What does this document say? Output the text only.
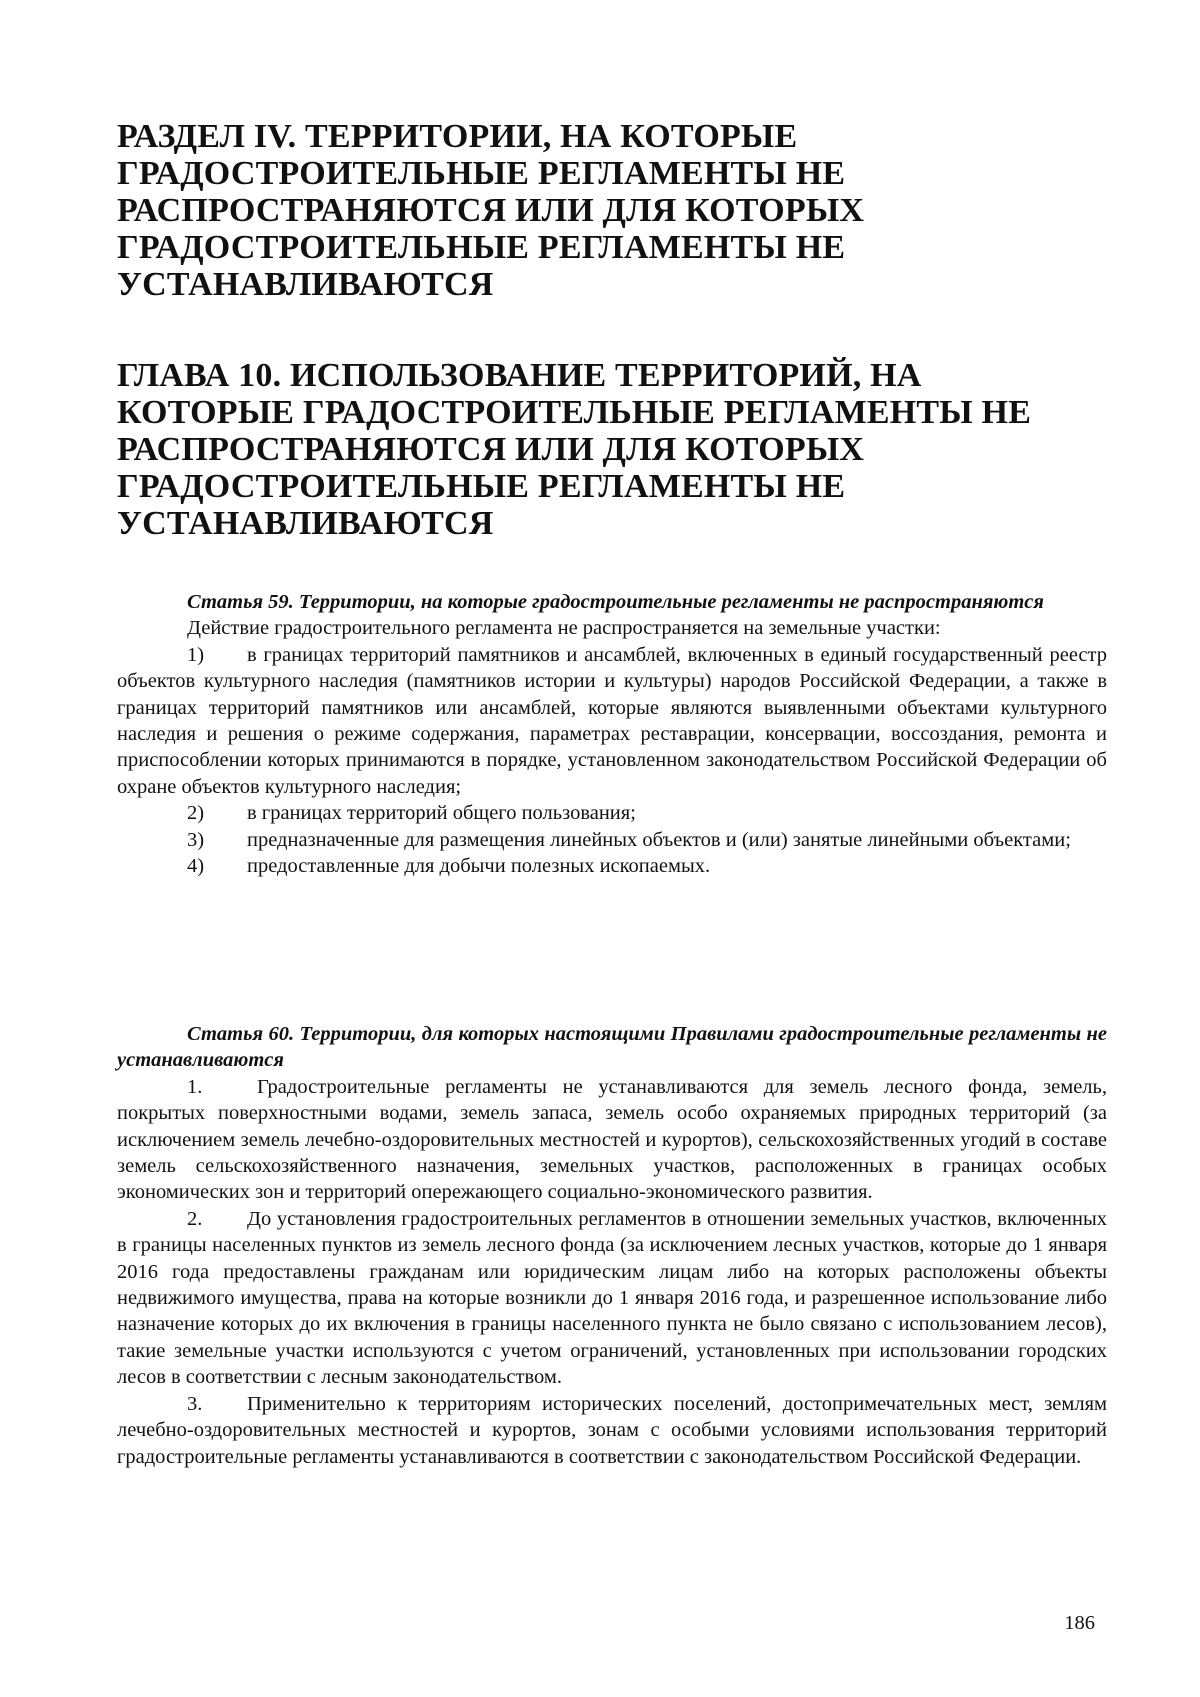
РАЗДЕЛ IV. ТЕРРИТОРИИ, НА КОТОРЫЕ ГРАДОСТРОИТЕЛЬНЫЕ РЕГЛАМЕНТЫ НЕ РАСПРОСТРАНЯЮТСЯ ИЛИ ДЛЯ КОТОРЫХ ГРАДОСТРОИТЕЛЬНЫЕ РЕГЛАМЕНТЫ НЕ УСТАНАВЛИВАЮТСЯ
ГЛАВА 10. ИСПОЛЬЗОВАНИЕ ТЕРРИТОРИЙ, НА КОТОРЫЕ ГРАДОСТРОИТЕЛЬНЫЕ РЕГЛАМЕНТЫ НЕ РАСПРОСТРАНЯЮТСЯ ИЛИ ДЛЯ КОТОРЫХ ГРАДОСТРОИТЕЛЬНЫЕ РЕГЛАМЕНТЫ НЕ УСТАНАВЛИВАЮТСЯ

Статья 59. Территории, на которые градостроительные регламенты не распространяются

Действие градостроительного регламента не распространяется на земельные участки:

1) в границах территорий памятников и ансамблей, включенных в единый государственный реестр объектов культурного наследия (памятников истории и культуры) народов Российской Федерации, а также в границах территорий памятников или ансамблей, которые являются выявленными объектами культурного наследия и решения о режиме содержания, параметрах реставрации, консервации, воссоздания, ремонта и приспособлении которых принимаются в порядке, установленном законодательством Российской Федерации об охране объектов культурного наследия;

2) в границах территорий общего пользования;

3) предназначенные для размещения линейных объектов и (или) занятые линейными объектами;

4) предоставленные для добычи полезных ископаемых.

Статья 60. Территории, для которых настоящими Правилами градостроительные регламенты не устанавливаются

1.	Градостроительные регламенты не устанавливаются для земель лесного фонда, земель, покрытых поверхностными водами, земель запаса, земель особо охраняемых природных территорий (за исключением земель лечебно-оздоровительных местностей и курортов), сельскохозяйственных угодий в составе земель сельскохозяйственного назначения, земельных участков, расположенных в границах особых экономических зон и территорий опережающего социально-экономического развития.

2. До установления градостроительных регламентов в отношении земельных участков, включенных в границы населенных пунктов из земель лесного фонда (за исключением лесных участков, которые до 1 января 2016 года предоставлены гражданам или юридическим лицам либо на которых расположены объекты недвижимого имущества, права на которые возникли до 1 января 2016 года, и разрешенное использование либо назначение которых до их включения в границы населенного пункта не было связано с использованием лесов), такие земельные участки используются с учетом ограничений, установленных при использовании городских лесов в соответствии с лесным законодательством.

3. Применительно к территориям исторических поселений, достопримечательных мест, землям лечебно-оздоровительных местностей и курортов, зонам с особыми условиями использования территорий градостроительные регламенты устанавливаются в соответствии с законодательством Российской Федерации.

186
